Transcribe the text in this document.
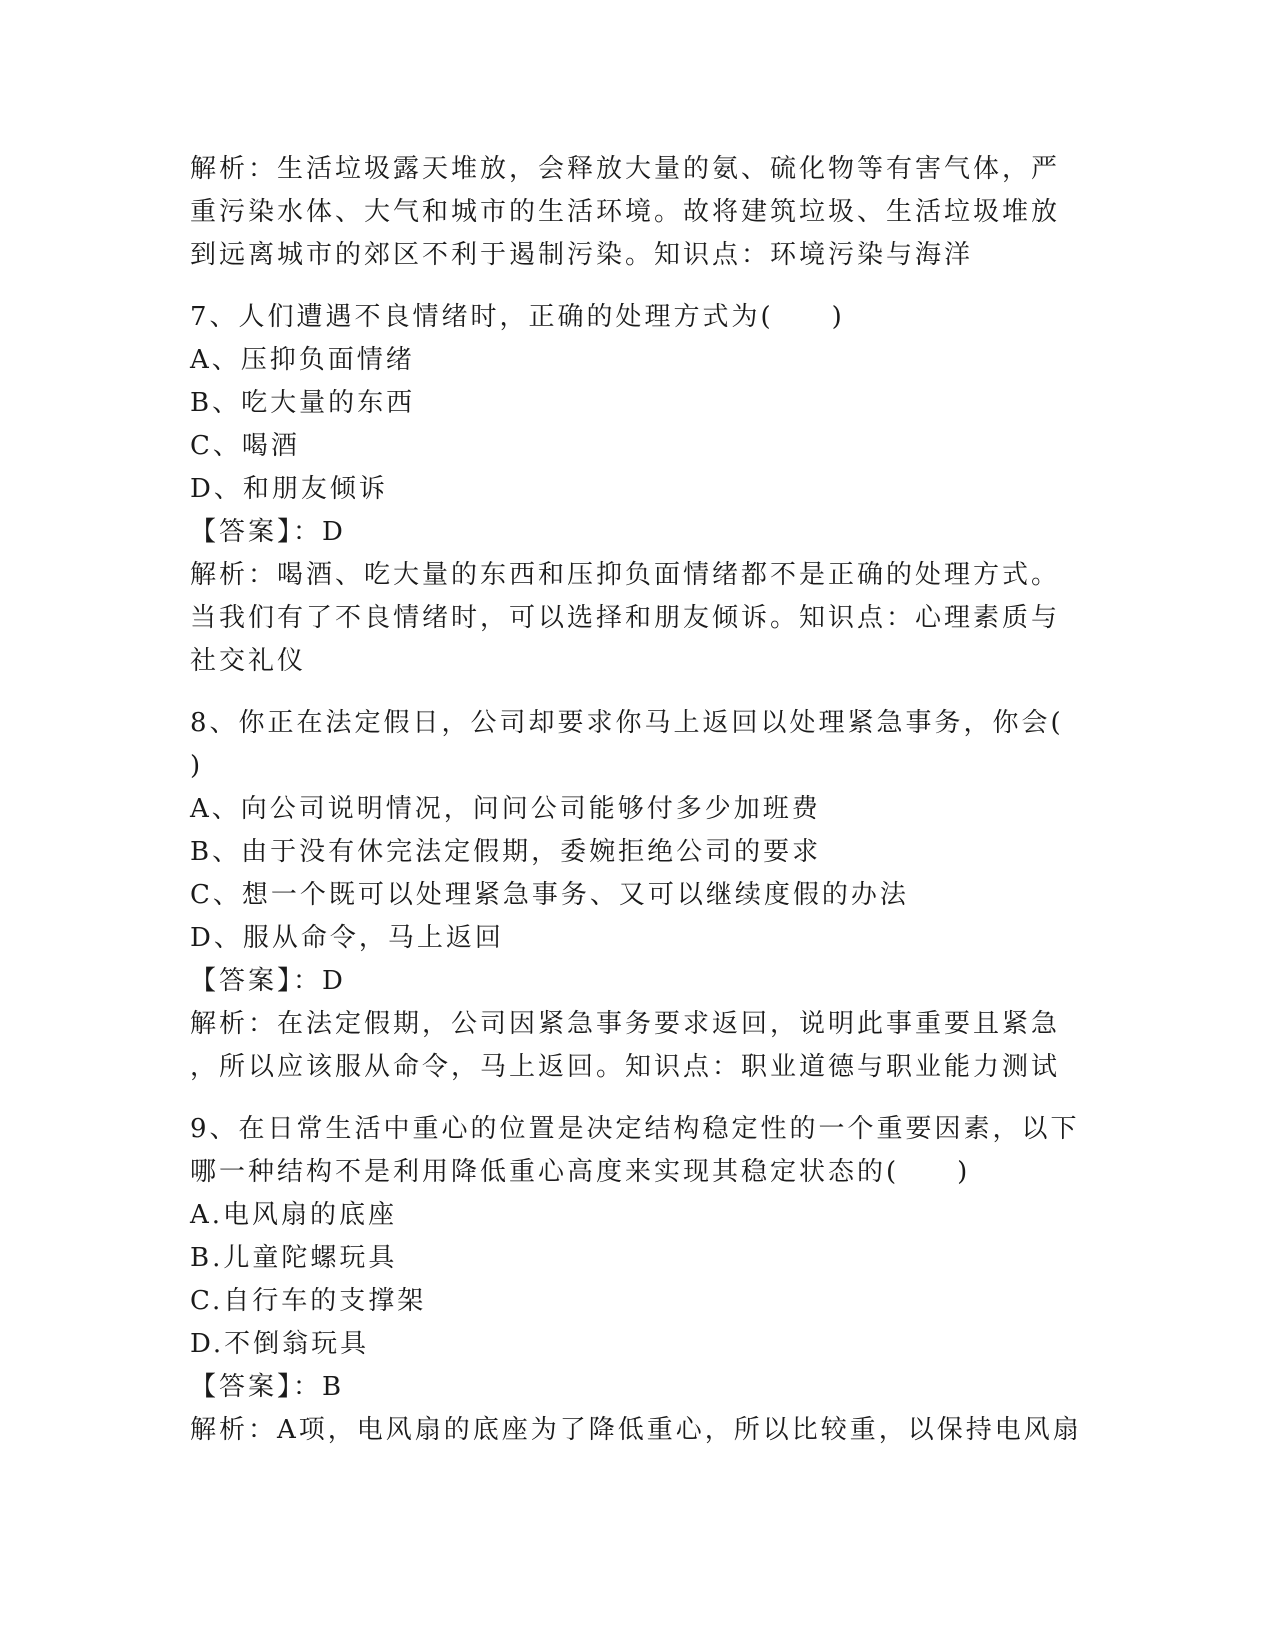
解析：生活垃圾露天堆放，会释放大量的氨、硫化物等有害气体，严
重污染水体、大气和城市的生活环境。故将建筑垃圾、生活垃圾堆放
到远离城市的郊区不利于遏制污染。知识点：环境污染与海洋
7、人们遭遇不良情绪时，正确的处理方式为(　　)
A、压抑负面情绪
B、吃大量的东西
C、喝酒
D、和朋友倾诉
【答案】：D
解析：喝酒、吃大量的东西和压抑负面情绪都不是正确的处理方式。
当我们有了不良情绪时，可以选择和朋友倾诉。知识点：心理素质与
社交礼仪
8、你正在法定假日，公司却要求你马上返回以处理紧急事务，你会(
)
A、向公司说明情况，问问公司能够付多少加班费
B、由于没有休完法定假期，委婉拒绝公司的要求
C、想一个既可以处理紧急事务、又可以继续度假的办法
D、服从命令，马上返回
【答案】：D
解析：在法定假期，公司因紧急事务要求返回，说明此事重要且紧急
，所以应该服从命令，马上返回。知识点：职业道德与职业能力测试
9、在日常生活中重心的位置是决定结构稳定性的一个重要因素，以下
哪一种结构不是利用降低重心高度来实现其稳定状态的(　　)
A.电风扇的底座
B.儿童陀螺玩具
C.自行车的支撑架
D.不倒翁玩具
【答案】：B
解析：A项，电风扇的底座为了降低重心，所以比较重，以保持电风扇
